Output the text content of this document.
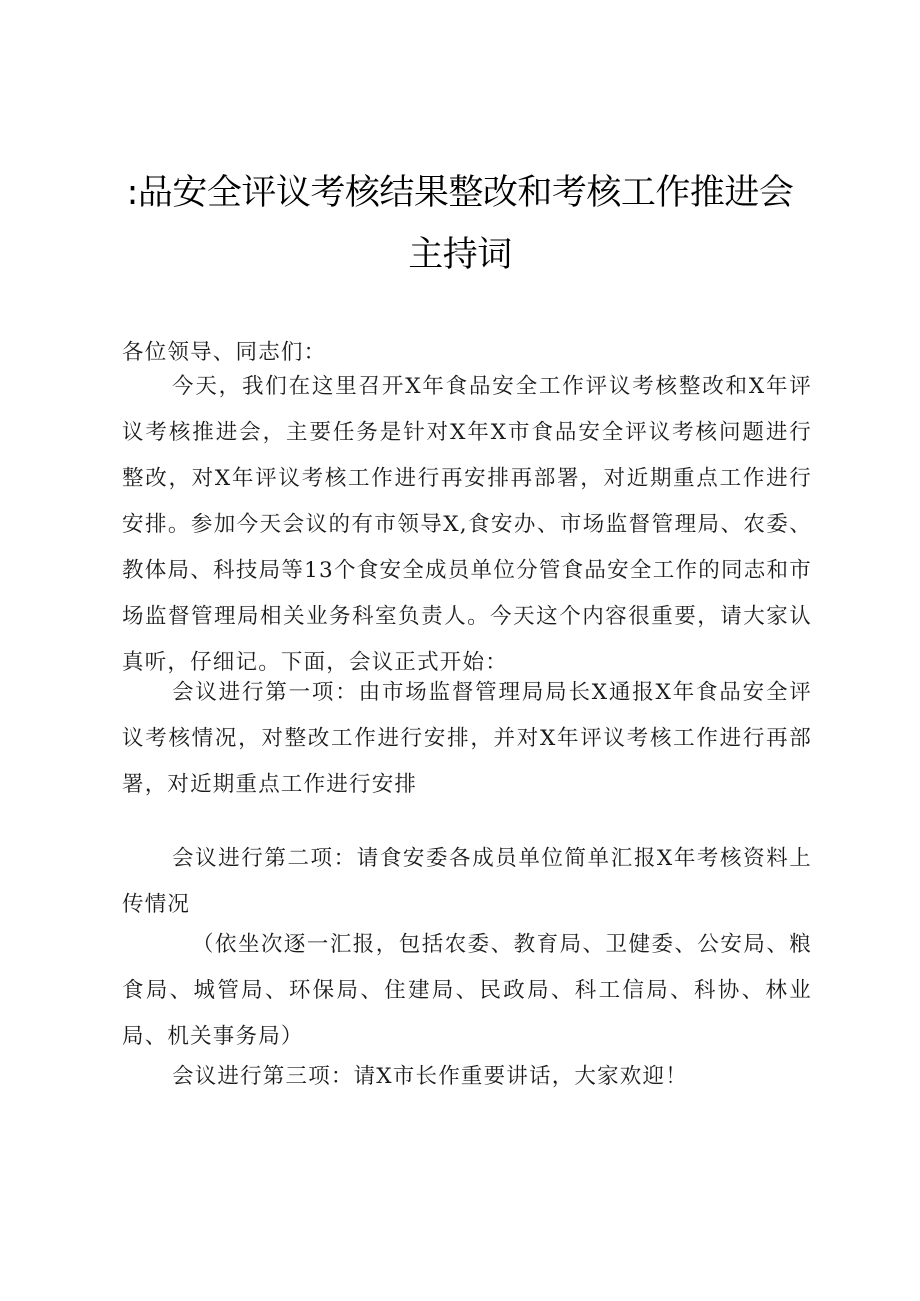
:品安全评议考核结果整改和考核工作推进会
主持词

各位领导、同志们：

今天，我们在这里召开X年食品安全工作评议考核整改和X年评议考核推进会，主要任务是针对X年X市食品安全评议考核问题进行整改，对X年评议考核工作进行再安排再部署，对近期重点工作进行安排。参加今天会议的有市领导X,食安办、市场监督管理局、农委、教体局、科技局等13个食安全成员单位分管食品安全工作的同志和市场监督管理局相关业务科室负责人。今天这个内容很重要，请大家认真听，仔细记。下面，会议正式开始：

会议进行第一项：由市场监督管理局局长X通报X年食品安全评议考核情况，对整改工作进行安排，并对X年评议考核工作进行再部署，对近期重点工作进行安排

会议进行第二项：请食安委各成员单位简单汇报X年考核资料上传情况

（依坐次逐一汇报，包括农委、教育局、卫健委、公安局、粮食局、城管局、环保局、住建局、民政局、科工信局、科协、林业局、机关事务局）

会议进行第三项：请X市长作重要讲话，大家欢迎！
